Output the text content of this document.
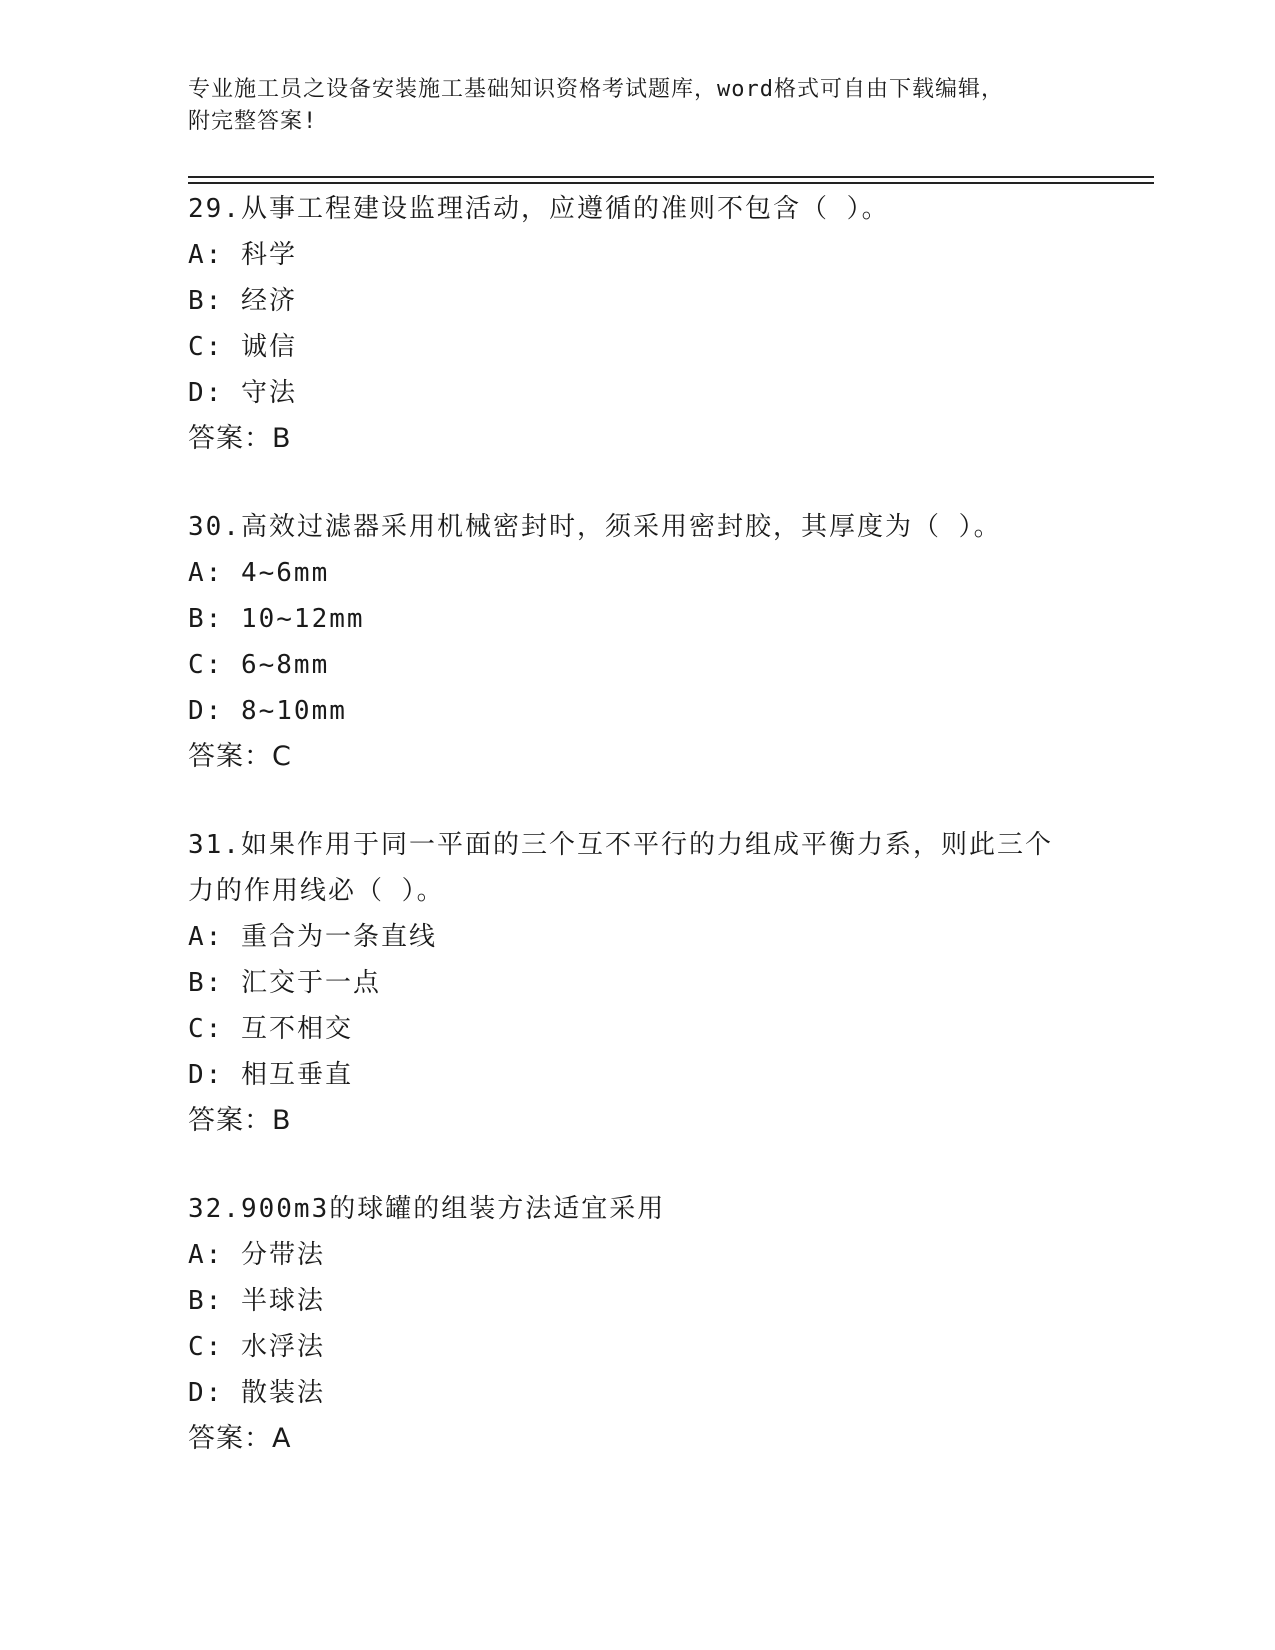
专业施工员之设备安装施工基础知识资格考试题库，word格式可自由下载编辑，
附完整答案!
29.从事工程建设监理活动，应遵循的准则不包含（ ）。
A: 科学
B: 经济
C: 诚信
D: 守法
答案：B
30.高效过滤器采用机械密封时，须采用密封胶，其厚度为（ ）。
A: 4~6mm
B: 10~12mm
C: 6~8mm
D: 8~10mm
答案：C
31.如果作用于同一平面的三个互不平行的力组成平衡力系，则此三个
力的作用线必（ ）。
A: 重合为一条直线
B: 汇交于一点
C: 互不相交
D: 相互垂直
答案：B
32.900m3的球罐的组装方法适宜采用
A: 分带法
B: 半球法
C: 水浮法
D: 散装法
答案：A
